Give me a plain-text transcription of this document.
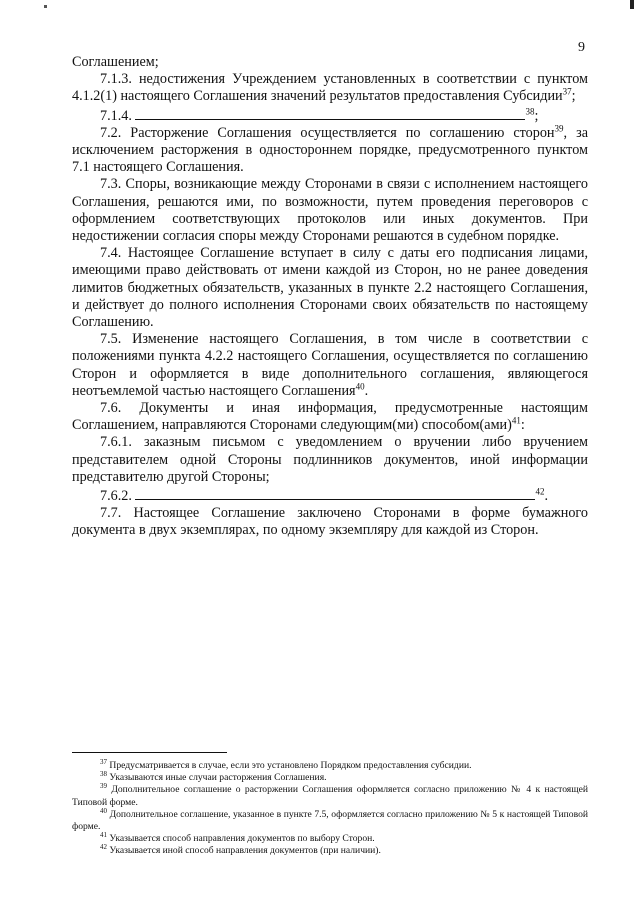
9

Соглашением;

7.1.3. недостижения Учреждением установленных в соответствии с пунктом 4.1.2(1) настоящего Соглашения значений результатов предоставления Субсидии$^{37}$;

7.1.4.	$^{38}$;

7.2. Расторжение Соглашения осуществляется по соглашению сторон$^{39}$, за исключением расторжения в одностороннем порядке, предусмотренного пунктом 7.1 настоящего Соглашения.

7.3. Споры, возникающие между Сторонами в связи с исполнением настоящего Соглашения, решаются ими, по возможности, путем проведения переговоров с оформлением соответствующих протоколов или иных документов. При недостижении согласия споры между Сторонами решаются в судебном порядке.

7.4. Настоящее Соглашение вступает в силу с даты его подписания лицами, имеющими право действовать от имени каждой из Сторон, но не ранее доведения лимитов бюджетных обязательств, указанных в пункте 2.2 настоящего Соглашения, и действует до полного исполнения Сторонами своих обязательств по настоящему Соглашению.

7.5. Изменение настоящего Соглашения, в том числе в соответствии с положениями пункта 4.2.2 настоящего Соглашения, осуществляется по соглашению Сторон и оформляется в виде дополнительного соглашения, являющегося неотъемлемой частью настоящего Соглашения$^{40}$.

7.6. Документы и иная информация, предусмотренные настоящим Соглашением, направляются Сторонами следующим(ми) способом(ами)$^{41}$:

7.6.1. заказным письмом с уведомлением о вручении либо вручением представителем одной Стороны подлинников документов, иной информации представителю другой Стороны;

7.6.2.	$^{42}$.

7.7. Настоящее Соглашение заключено Сторонами в форме бумажного документа в двух экземплярах, по одному экземпляру для каждой из Сторон.

$^{37}$ Предусматривается в случае, если это установлено Порядком предоставления субсидии.

$^{38}$ Указываются иные случаи расторжения Соглашения.

$^{39}$ Дополнительное соглашение о расторжении Соглашения оформляется согласно приложению № 4 к настоящей Типовой форме.

$^{40}$ Дополнительное соглашение, указанное в пункте 7.5, оформляется согласно приложению № 5 к настоящей Типовой форме.

$^{41}$ Указывается способ направления документов по выбору Сторон.

$^{42}$ Указывается иной способ направления документов (при наличии).
